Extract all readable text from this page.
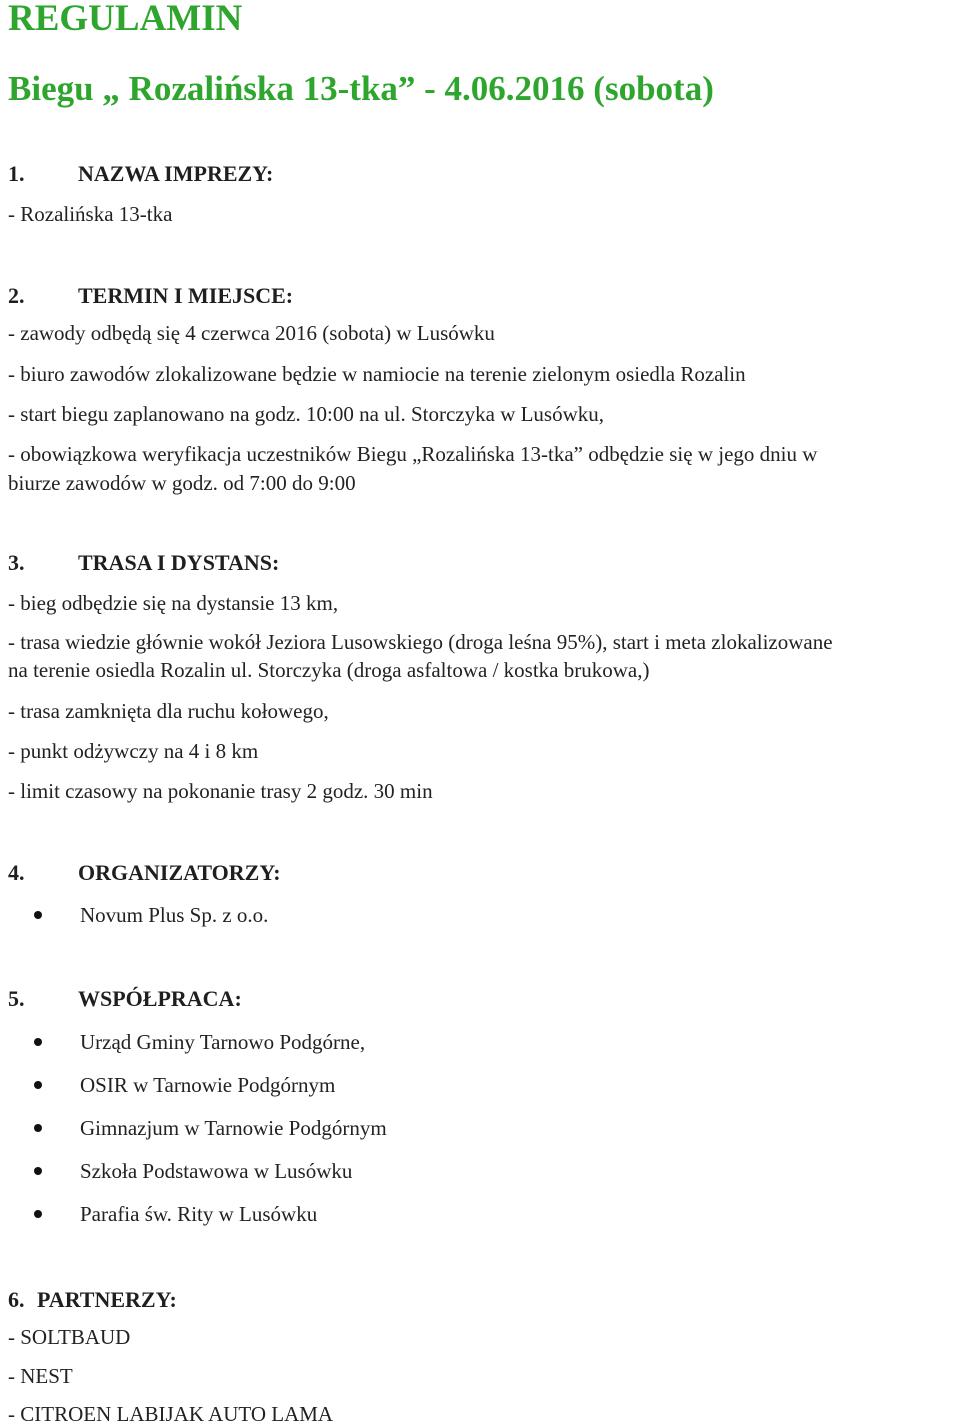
REGULAMIN
Biegu „ Rozalińska 13-tka” - 4.06.2016 (sobota)
1. NAZWA IMPREZY:
- Rozalińska 13-tka
2. TERMIN I MIEJSCE:
- zawody odbędą się 4 czerwca 2016 (sobota) w Lusówku
- biuro zawodów zlokalizowane będzie w namiocie na terenie zielonym osiedla Rozalin
- start biegu zaplanowano na godz. 10:00 na ul. Storczyka w Lusówku,
- obowiązkowa weryfikacja uczestników Biegu „Rozalińska 13-tka” odbędzie się w jego dniu w
biurze zawodów w godz. od 7:00 do 9:00
3. TRASA I DYSTANS:
- bieg odbędzie się na dystansie 13 km,
- trasa wiedzie głównie wokół Jeziora Lusowskiego (droga leśna 95%), start i meta zlokalizowane
na terenie osiedla Rozalin ul. Storczyka (droga asfaltowa / kostka brukowa,)
- trasa zamknięta dla ruchu kołowego,
- punkt odżywczy na 4 i 8 km
- limit czasowy na pokonanie trasy 2 godz. 30 min
4. ORGANIZATORZY:
Novum Plus Sp. z o.o.
5. WSPÓŁPRACA:
Urząd Gminy Tarnowo Podgórne,
OSIR w Tarnowie Podgórnym
Gimnazjum w Tarnowie Podgórnym
Szkoła Podstawowa w Lusówku
Parafia św. Rity w Lusówku
6. PARTNERZY:
- SOLTBAUD
- NEST
- CITROEN LABIJAK AUTO LAMA
